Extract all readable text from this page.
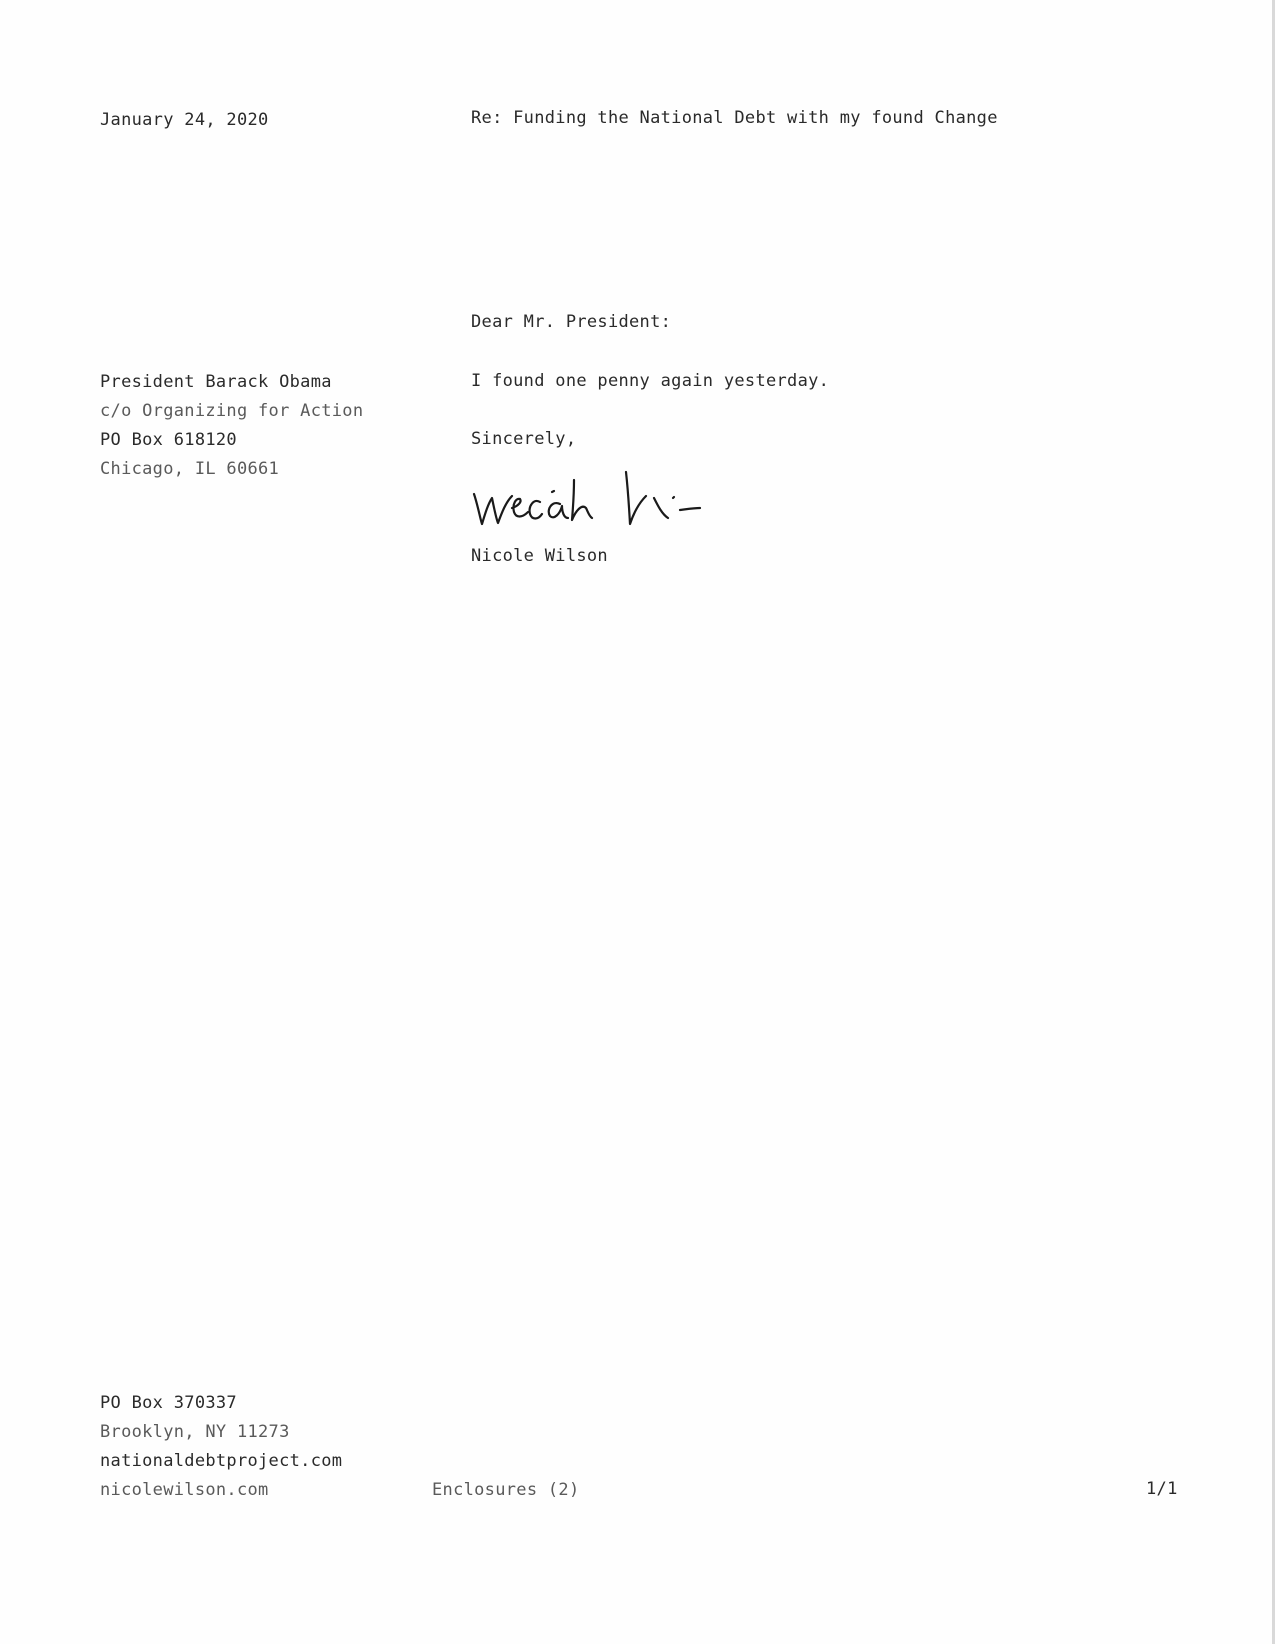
January 24, 2020	Re: Funding the National Debt with my found Change
Dear Mr. President:
President Barack Obama
c/o Organizing for Action
PO Box 618120
Chicago, IL 60661
I found one penny again yesterday.
Sincerely,
Nicole Wilson
PO Box 370337
Brooklyn, NY 11273
nationaldebtproject.com
nicolewilson.com	Enclosures (2)	1/1
